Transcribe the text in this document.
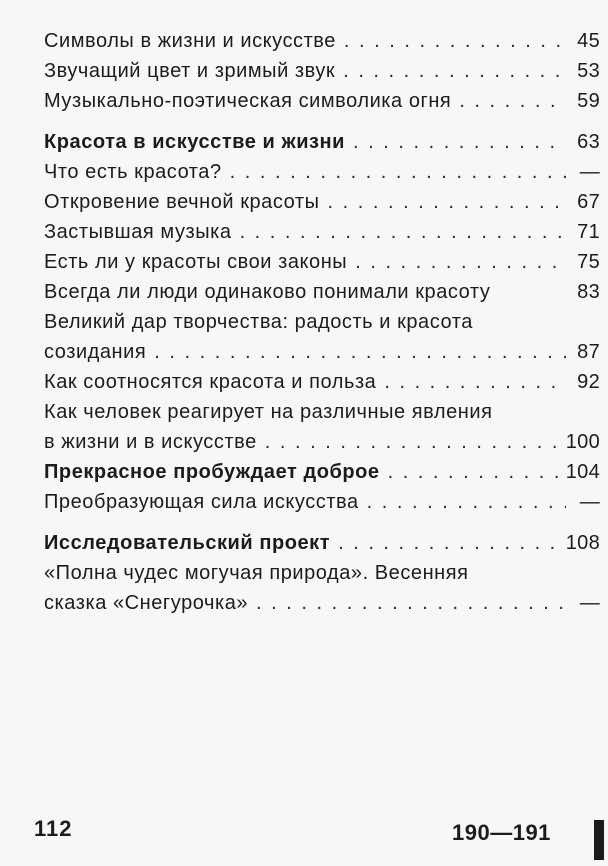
Символы в жизни и искусстве . . .	45
Звучащий цвет и зримый звук . . .	53
Музыкально-поэтическая символика огня . . .	59
Красота в искусстве и жизни . . .	63
Что есть красота? . . .	—
Откровение вечной красоты . . .	67
Застывшая музыка . . .	71
Есть ли у красоты свои законы . . .	75
Всегда ли люди одинаково понимали красоту	83
Великий дар творчества: радость и красота
созидания . . .	87
Как соотносятся красота и польза . . .	92
Как человек реагирует на различные явления
в жизни и в искусстве . . .	100
Прекрасное пробуждает доброе . . .	104
Преобразующая сила искусства . . .	—
Исследовательский проект . . .	108
«Полна чудес могучая природа». Весенняя
сказка «Снегурочка» . . .	—
112	190—191
